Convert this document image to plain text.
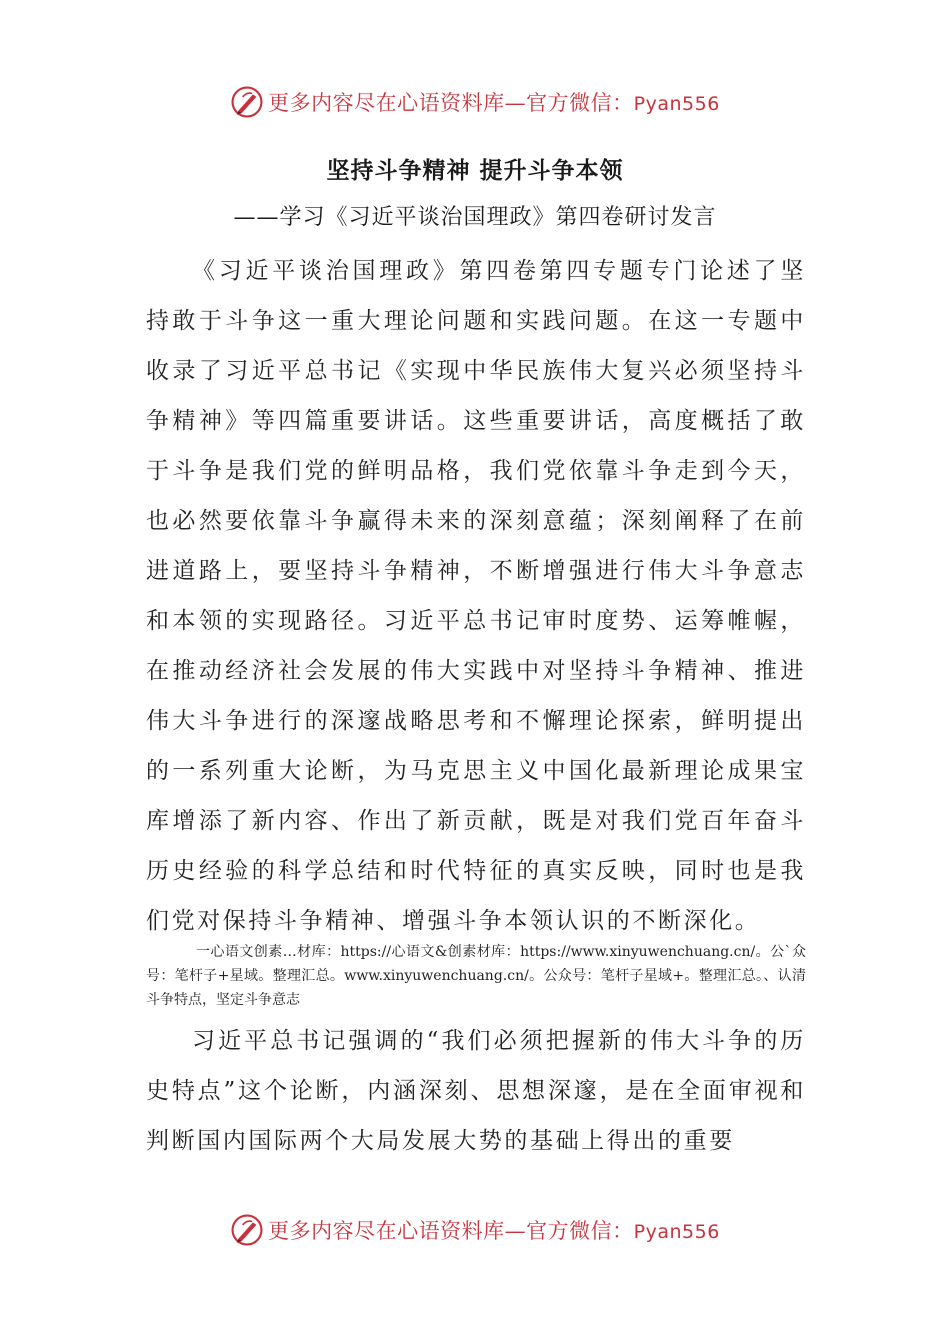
更多内容尽在心语资料库—官方微信：Pyan556
坚持斗争精神 提升斗争本领
——学习《习近平谈治国理政》第四卷研讨发言

《习近平谈治国理政》第四卷第四专题专门论述了坚持敢于斗争这一重大理论问题和实践问题。在这一专题中收录了习近平总书记《实现中华民族伟大复兴必须坚持斗争精神》等四篇重要讲话。这些重要讲话，高度概括了敢于斗争是我们党的鲜明品格，我们党依靠斗争走到今天，也必然要依靠斗争赢得未来的深刻意蕴；深刻阐释了在前进道路上，要坚持斗争精神，不断增强进行伟大斗争意志和本领的实现路径。习近平总书记审时度势、运筹帷幄，在推动经济社会发展的伟大实践中对坚持斗争精神、推进伟大斗争进行的深邃战略思考和不懈理论探索，鲜明提出的一系列重大论断，为马克思主义中国化最新理论成果宝库增添了新内容、作出了新贡献，既是对我们党百年奋斗历史经验的科学总结和时代特征的真实反映，同时也是我们党对保持斗争精神、增强斗争本领认识的不断深化。

一心语文创素…材库：https://心语文&创素材库：https://www.xinyuwenchuang.cn/。公`众号：笔杆子+星域。整理汇总。www.xinyuwenchuang.cn/。公众号：笔杆子星域+。整理汇总。、认清斗争特点，坚定斗争意志

习近平总书记强调的“我们必须把握新的伟大斗争的历史特点”这个论断，内涵深刻、思想深邃，是在全面审视和判断国内国际两个大局发展大势的基础上得出的重要

更多内容尽在心语资料库—官方微信：Pyan556
